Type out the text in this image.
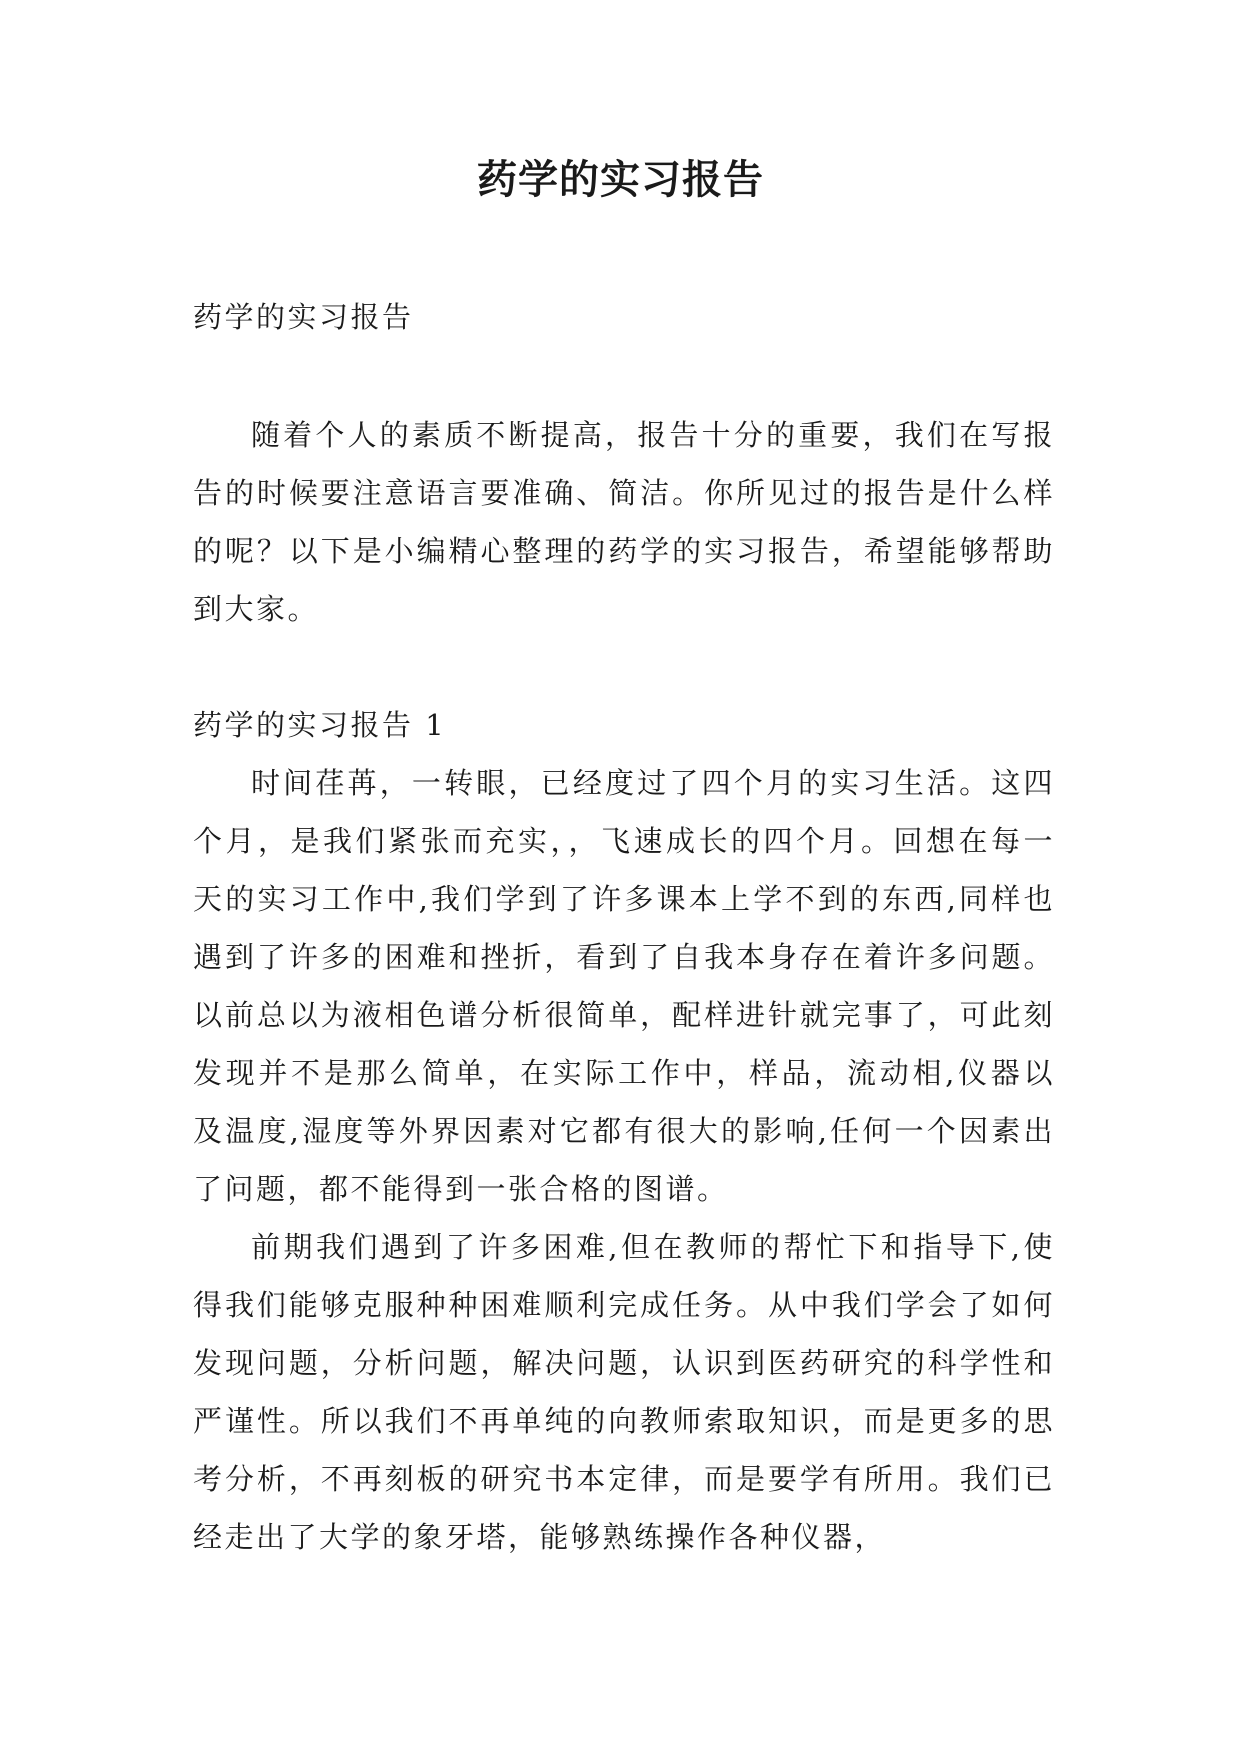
药学的实习报告

药学的实习报告

随着个人的素质不断提高，报告十分的重要，我们在写报告的时候要注意语言要准确、简洁。你所见过的报告是什么样的呢？以下是小编精心整理的药学的实习报告，希望能够帮助到大家。

药学的实习报告 1

时间荏苒，一转眼，已经度过了四个月的实习生活。这四个月，是我们紧张而充实，，飞速成长的四个月。回想在每一天的实习工作中,我们学到了许多课本上学不到的东西,同样也遇到了许多的困难和挫折，看到了自我本身存在着许多问题。以前总以为液相色谱分析很简单，配样进针就完事了，可此刻发现并不是那么简单，在实际工作中，样品，流动相,仪器以及温度,湿度等外界因素对它都有很大的影响,任何一个因素出了问题，都不能得到一张合格的图谱。

前期我们遇到了许多困难,但在教师的帮忙下和指导下,使得我们能够克服种种困难顺利完成任务。从中我们学会了如何发现问题，分析问题，解决问题，认识到医药研究的科学性和严谨性。所以我们不再单纯的向教师索取知识，而是更多的思考分析，不再刻板的研究书本定律，而是要学有所用。我们已经走出了大学的象牙塔，能够熟练操作各种仪器，
